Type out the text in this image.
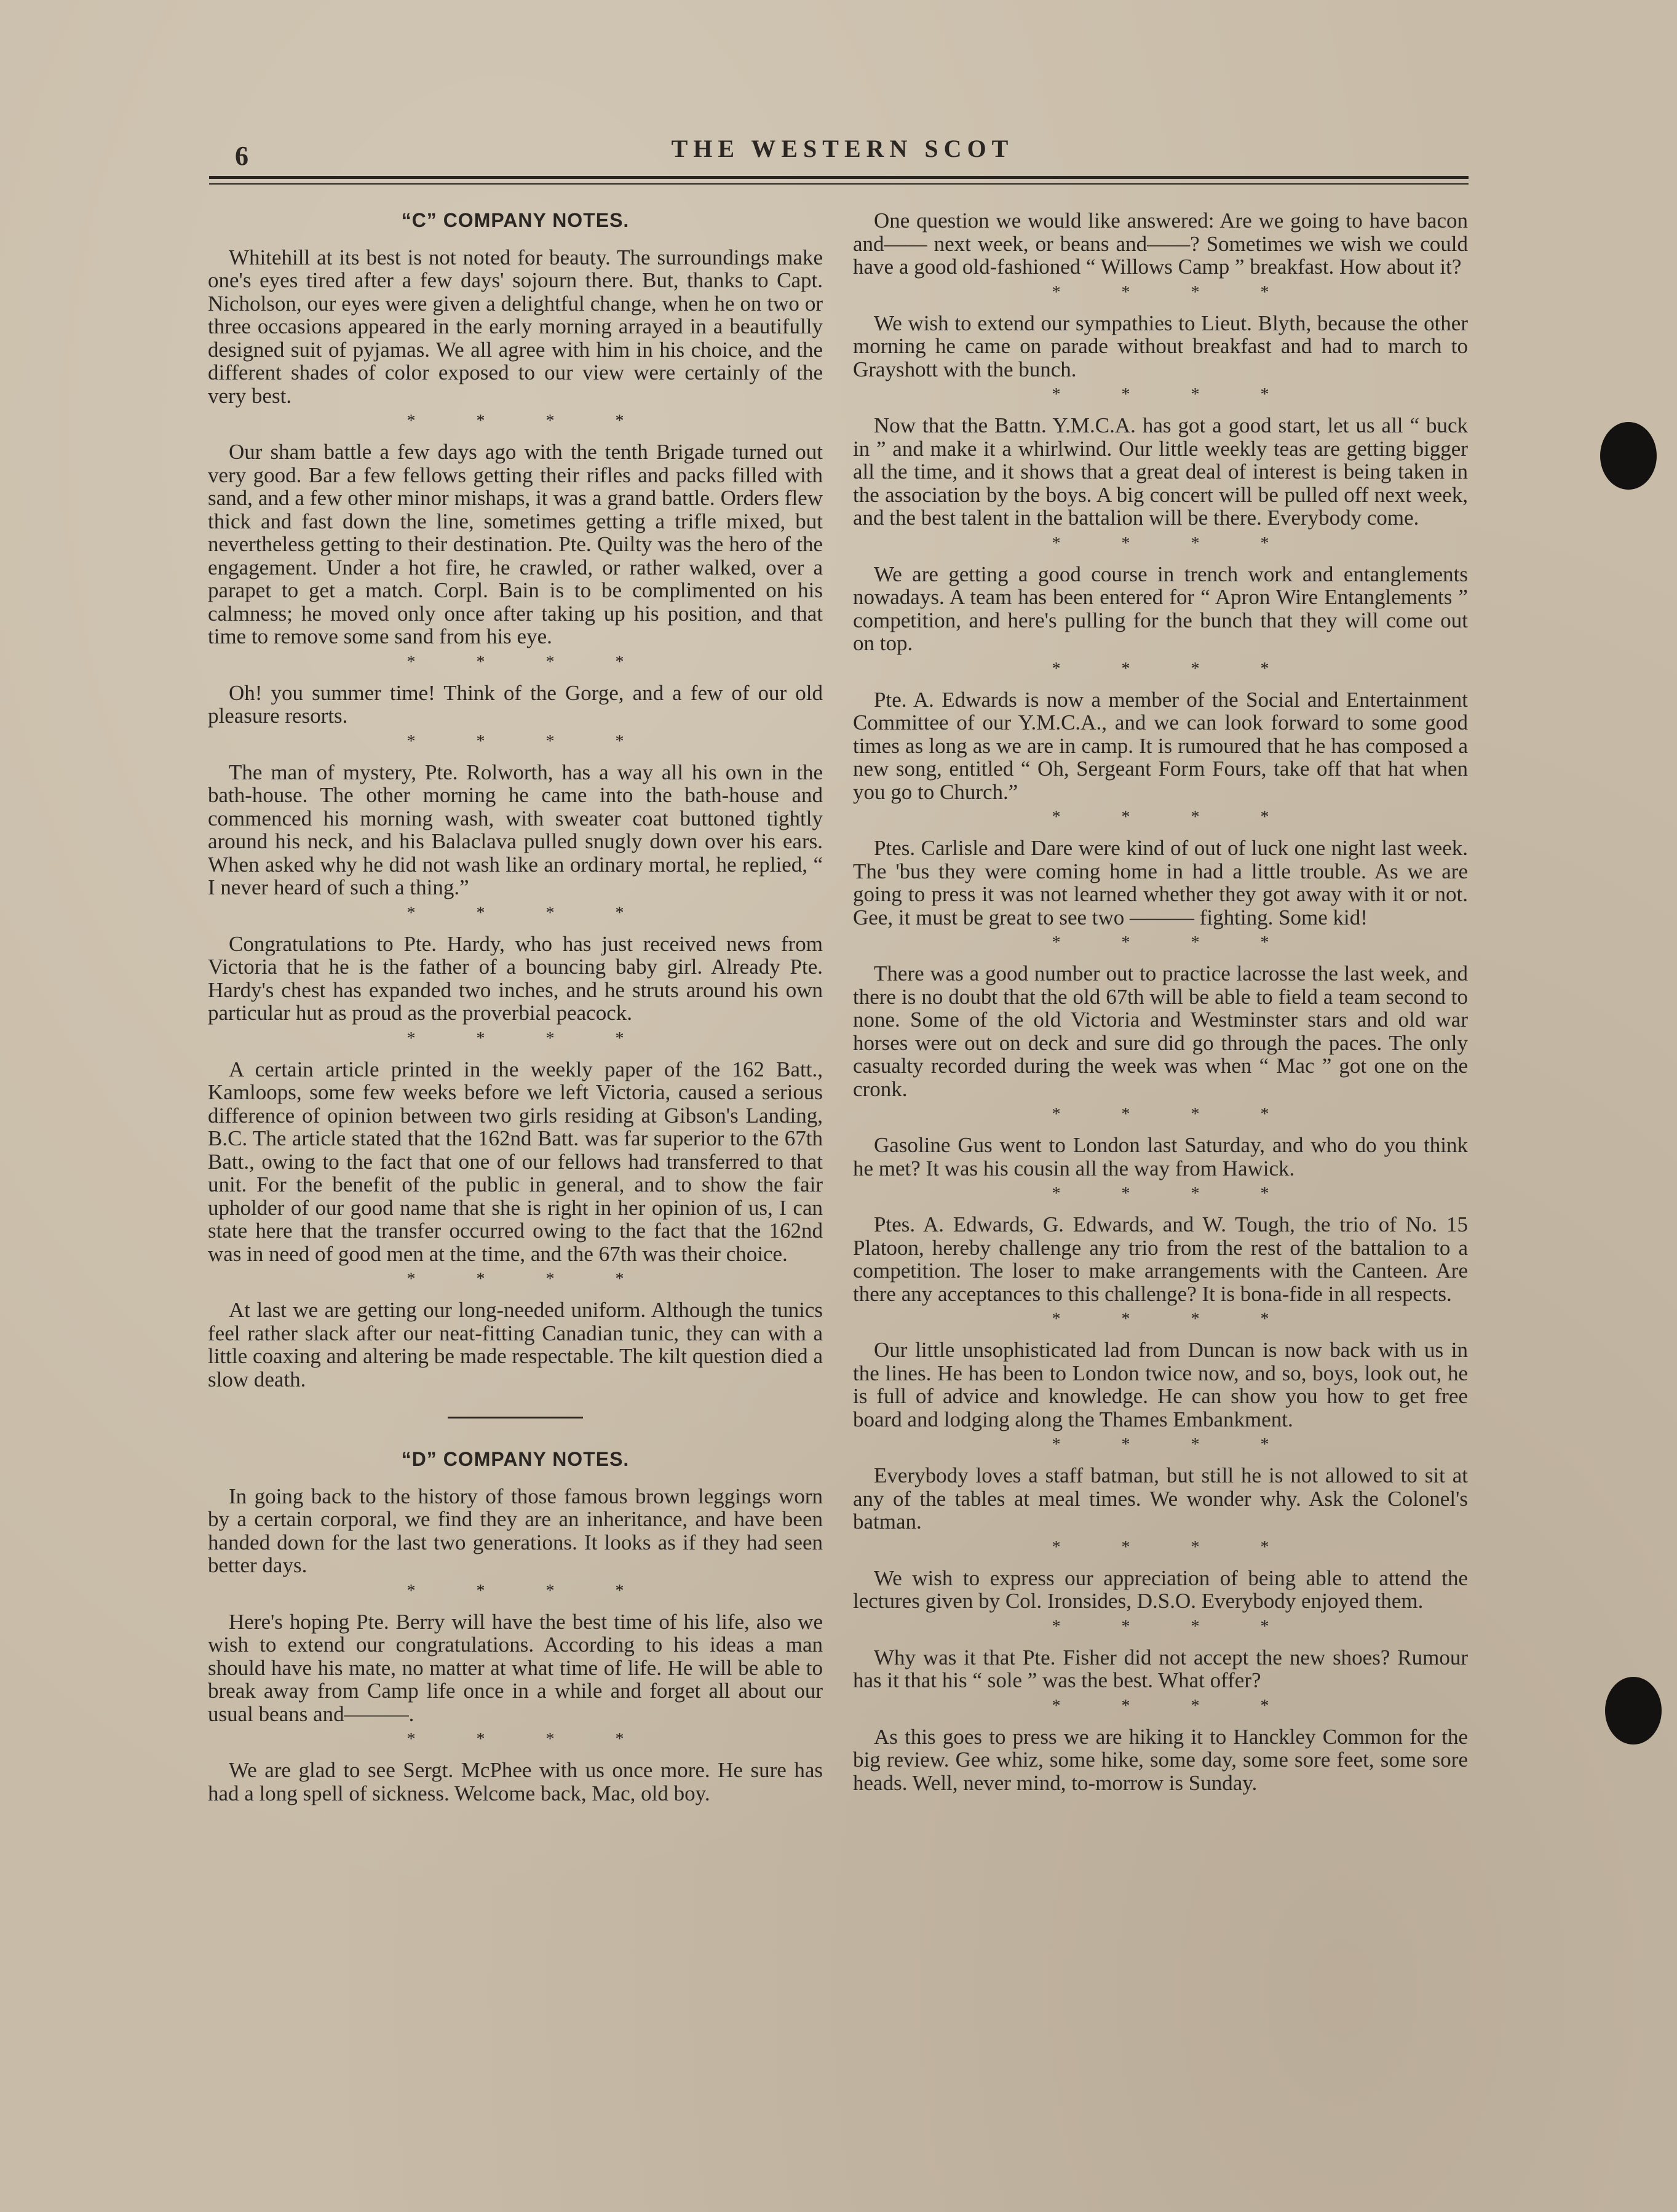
6	THE WESTERN SCOT
“C” COMPANY NOTES.

Whitehill at its best is not noted for beauty. The surroundings make one's eyes tired after a few days' sojourn there. But, thanks to Capt. Nicholson, our eyes were given a delightful change, when he on two or three occasions appeared in the early morning arrayed in a beautifully designed suit of pyjamas. We all agree with him in his choice, and the different shades of color exposed to our view were certainly of the very best.

* * * *

Our sham battle a few days ago with the tenth Brigade turned out very good. Bar a few fellows getting their rifles and packs filled with sand, and a few other minor mishaps, it was a grand battle. Orders flew thick and fast down the line, sometimes getting a trifle mixed, but nevertheless getting to their destination. Pte. Quilty was the hero of the engagement. Under a hot fire, he crawled, or rather walked, over a parapet to get a match. Corpl. Bain is to be complimented on his calmness; he moved only once after taking up his position, and that time to remove some sand from his eye.

* * * *

Oh! you summer time! Think of the Gorge, and a few of our old pleasure resorts.

* * * *

The man of mystery, Pte. Rolworth, has a way all his own in the bath-house. The other morning he came into the bath-house and commenced his morning wash, with sweater coat buttoned tightly around his neck, and his Balaclava pulled snugly down over his ears. When asked why he did not wash like an ordinary mortal, he replied, “ I never heard of such a thing.”

* * * *

Congratulations to Pte. Hardy, who has just received news from Victoria that he is the father of a bouncing baby girl. Already Pte. Hardy's chest has expanded two inches, and he struts around his own particular hut as proud as the proverbial peacock.

* * * *

A certain article printed in the weekly paper of the 162 Batt., Kamloops, some few weeks before we left Victoria, caused a serious difference of opinion between two girls residing at Gibson's Landing, B.C. The article stated that the 162nd Batt. was far superior to the 67th Batt., owing to the fact that one of our fellows had transferred to that unit. For the benefit of the public in general, and to show the fair upholder of our good name that she is right in her opinion of us, I can state here that the transfer occurred owing to the fact that the 162nd was in need of good men at the time, and the 67th was their choice.

* * * *

At last we are getting our long-needed uniform. Although the tunics feel rather slack after our neat-fitting Canadian tunic, they can with a little coaxing and altering be made respectable. The kilt question died a slow death.

“D” COMPANY NOTES.

In going back to the history of those famous brown leggings worn by a certain corporal, we find they are an inheritance, and have been handed down for the last two generations. It looks as if they had seen better days.

* * * *

Here's hoping Pte. Berry will have the best time of his life, also we wish to extend our congratulations. According to his ideas a man should have his mate, no matter at what time of life. He will be able to break away from Camp life once in a while and forget all about our usual beans and———.

* * * *

We are glad to see Sergt. McPhee with us once more. He sure has had a long spell of sickness. Welcome back, Mac, old boy.

One question we would like answered: Are we going to have bacon and—— next week, or beans and——? Sometimes we wish we could have a good old-fashioned “ Willows Camp ” breakfast. How about it?

* * * *

We wish to extend our sympathies to Lieut. Blyth, because the other morning he came on parade without breakfast and had to march to Grayshott with the bunch.

* * * *

Now that the Battn. Y.M.C.A. has got a good start, let us all “ buck in ” and make it a whirlwind. Our little weekly teas are getting bigger all the time, and it shows that a great deal of interest is being taken in the association by the boys. A big concert will be pulled off next week, and the best talent in the battalion will be there. Everybody come.

* * * *

We are getting a good course in trench work and entanglements nowadays. A team has been entered for “ Apron Wire Entanglements ” competition, and here's pulling for the bunch that they will come out on top.

* * * *

Pte. A. Edwards is now a member of the Social and Entertainment Committee of our Y.M.C.A., and we can look forward to some good times as long as we are in camp. It is rumoured that he has composed a new song, entitled “ Oh, Sergeant Form Fours, take off that hat when you go to Church.”

* * * *

Ptes. Carlisle and Dare were kind of out of luck one night last week. The 'bus they were coming home in had a little trouble. As we are going to press it was not learned whether they got away with it or not. Gee, it must be great to see two ——— fighting. Some kid!

* * * *

There was a good number out to practice lacrosse the last week, and there is no doubt that the old 67th will be able to field a team second to none. Some of the old Victoria and Westminster stars and old war horses were out on deck and sure did go through the paces. The only casualty recorded during the week was when “ Mac ” got one on the cronk.

* * * *

Gasoline Gus went to London last Saturday, and who do you think he met? It was his cousin all the way from Hawick.

* * * *

Ptes. A. Edwards, G. Edwards, and W. Tough, the trio of No. 15 Platoon, hereby challenge any trio from the rest of the battalion to a competition. The loser to make arrangements with the Canteen. Are there any acceptances to this challenge? It is bona-fide in all respects.

* * * *

Our little unsophisticated lad from Duncan is now back with us in the lines. He has been to London twice now, and so, boys, look out, he is full of advice and knowledge. He can show you how to get free board and lodging along the Thames Embankment.

* * * *

Everybody loves a staff batman, but still he is not allowed to sit at any of the tables at meal times. We wonder why. Ask the Colonel's batman.

* * * *

We wish to express our appreciation of being able to attend the lectures given by Col. Ironsides, D.S.O. Everybody enjoyed them.

* * * *

Why was it that Pte. Fisher did not accept the new shoes? Rumour has it that his “ sole ” was the best. What offer?

* * * *

As this goes to press we are hiking it to Hanckley Common for the big review. Gee whiz, some hike, some day, some sore feet, some sore heads. Well, never mind, to-morrow is Sunday.
